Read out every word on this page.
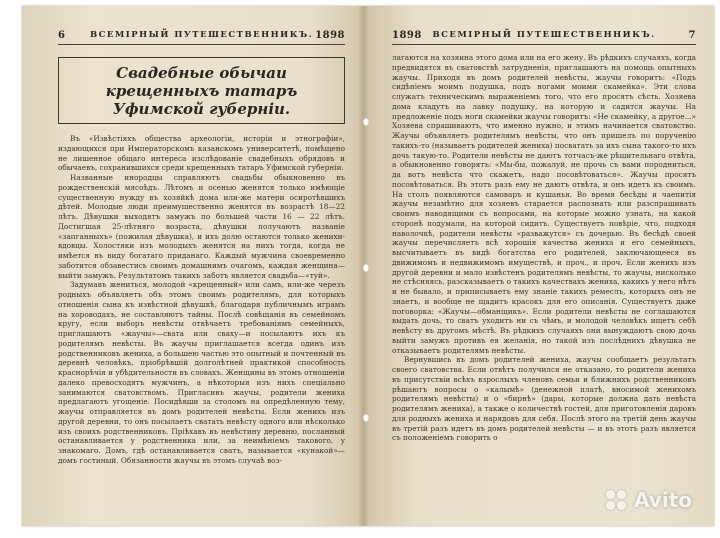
6	ВСЕМІРНЫЙ ПУТЕШЕСТВЕННИКЪ. 1898
Свадебные обычаи крещенныхъ татаръ Уфимской губерніи.

Въ «Извѣстіяхъ общества археологіи, исторіи и этнографіи», издающихся при Императорскомъ казанскомъ университетѣ, помѣщено не лишенное общаго интереса изслѣдованіе свадебныхъ обрядовъ и обычаевъ, сохранившихся среди крещенныхъ татаръ Уфимской губерніи.

Названные инородцы справляютъ свадьбы обыкновенно въ рождественскій мясоѣдъ. Лѣтомъ и осенью женятся только имѣющіе существенную нужду въ хозяйкѣ дома или-же матери осиротѣвшихъ дѣтей. Молодые люди преимущественно женятся въ возрастѣ 18—22 лѣтъ. Дѣвушки выходятъ замужъ по большей части 16 — 22 лѣтъ. Достигшая 25-лѣтняго возраста, дѣвушки получаютъ названіе «запганныхъ» (пожилая дѣвушка), и ихъ долю остаются только женихи-вдовцы. Холостяки изъ молодыхъ женятся на нихъ тогда, когда не имѣется въ виду богатаго приданаго. Каждый мужчина своевременно заботится обзавестись своимъ домашнимъ очагомъ, каждая женщина—выйти замужъ. Результатомъ такихъ заботъ является свадьба—«туй».

Задумавъ жениться, молодой «крещенный» или самъ, или-же черезъ родныхъ объявляетъ объ этомъ своимъ родителямъ, для которыхъ отношенія сына къ извѣстной дѣвушкѣ, благодаря публичнымъ играмъ на хороводахъ, не составляютъ тайны. Послѣ совѣщанія въ семейномъ кругу, если выборъ невѣсты отвѣчаетъ требованіямъ семейныхъ, приглашаютъ «жаучы»—свата или сваху—и посылаютъ ихъ къ родителямъ невѣсты. Въ жаучы приглашается всегда одинъ изъ родственниковъ жениха, а большею частью это опытный и почтенный въ деревнѣ человѣкъ, пріобрѣвшій долголѣтней практикой способность краснорѣчія и убѣдительности въ словахъ. Женщины въ этомъ отношеніи далеко превосходятъ мужчинъ, а нѣкоторыя изъ нихъ спеціально занимаются сватовствомъ. Пригласивъ жаучы, родители жениха предлагаютъ угощеніе. Посидѣвши за столомъ на опредѣленную тему, жаучы отправляется въ домъ родителей невѣсты. Если женихъ изъ другой деревни, то онъ посылаетъ сватать невѣсту одного или нѣсколько изъ своихъ родственниковъ. Пріѣхавъ въ невѣстину деревню, посланный останавливается у родственника или, за неимѣніемъ такового, у знакомаго. Домъ, гдѣ останавливается сватъ, называется «кунакой»—домъ гостиный. Обязанности жаучы въ этомъ случаѣ воз-

1898	ВСЕМІРНЫЙ ПУТЕШЕСТВЕННИКЪ.	7

лагаются на хозяина этого дома или на его жену. Въ рѣдкихъ случаяхъ, когда предвидятся въ сватовствѣ затрудненія, приглашаютъ на помощь опытныхъ жаучы. Приходя въ домъ родителей невѣсты, жаучы говоритъ: «Подъ сидѣніемъ моимъ подушка, подъ ногами моими скамейка». Эти слова служатъ техническимъ выраженіемъ того, что его просятъ сѣсть. Хозяева дома кладутъ на лавку подушку, на которую и садится жаучы. На предложеніе подъ ноги скамейки жаучы говоритъ: «Не скамейку, а другое...» Хозяева спрашиваютъ, что именно нужно, и этимъ начинается сватовство. Жаучы объявляетъ родителямъ невѣсты, что онъ пришелъ по порученію такихъ-то (называетъ родителей жениха) посватать за ихъ сына такого-то ихъ дочь такую-то. Родители невѣсты не даютъ тотчасъ-же рѣшительнаго отвѣта, а обыкновенно говорятъ: «Мы-бы, пожалуй, не прочь съ вами породниться, да вотъ невѣста что скажетъ, надо посовѣтоваться». Жаучы просятъ посовѣтоваться. Въ этотъ разъ ему не даютъ отвѣта, и онъ идетъ къ своимъ. На столъ появляются самоваръ и кушанья. Во время бесѣды и чаепитія жаучы незамѣтно для хозяевъ старается распознать или разспрашивать своимъ наводящими съ вопросами, на которые можно узнать, на какой сторонѣ подумали, на которой сидитъ. Существуетъ повѣріе, что, подходя наволочкѣ, родители невѣсты «разважутся» съ дочерью. Въ бесѣдѣ своей жаучы перечисляетъ всѣ хорошія качества жениха и его семейныхъ, высчитываетъ въ видѣ богатства его родителей, заключающееся въ движимомъ и недвижимомъ имуществѣ, и проч., и проч. Если женихъ изъ другой деревни и мало извѣстенъ родителямъ невѣсты, то жаучы, нисколько не стѣсняясь, разсказываетъ о такихъ качествахъ жениха, какихъ у него нѣтъ и не бывало, и приписываетъ ему знаніе такихъ ремеслъ, которыхъ онъ не знаетъ, и вообще не щадитъ красокъ для его описанія. Существуетъ даже поговорка: «Жаучы—обманщикъ». Если родители невѣсты не соглашаются выдать дочь, то сватъ уходитъ ни съ чѣмъ, и молодой человѣкъ ищетъ себѣ невѣсту въ другомъ мѣстѣ. Въ рѣдкихъ случаяхъ они вынуждаютъ свою дочь выйти замужъ противъ ея желанія, но такой изъ послѣднихъ дѣвушка не отказываетъ родителямъ невѣсты.

Вернувшись въ домъ родителей жениха, жаучы сообщаетъ результатъ своего сватовства. Если отвѣтъ получился не отказано, то родители жениха въ присутствіи всѣхъ взрослыхъ членовъ семьи и ближнихъ родственниковъ рѣшаютъ вопросы о «калымѣ» (денежной платѣ, вносимой женихомъ родителямъ невѣсты) и о «бирнѣ» (дары, которые должна дать невѣста родителямъ жениха), а также о количествѣ гостей, для приготовленія даровъ для родныхъ жениха и нарядовъ для себя. Послѣ этого на третій день жаучы въ третій разъ идетъ въ домъ родителей невѣсты — и въ этотъ разъ является съ положеніемъ говорить о

Avito
